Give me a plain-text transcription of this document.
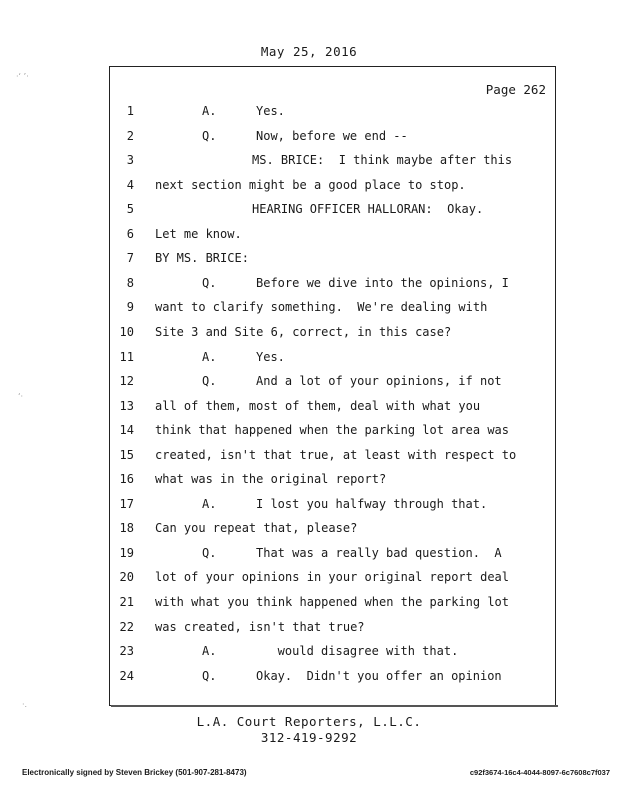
May 25, 2016
Page 262
1	A.	Yes.
2	Q.	Now, before we end --
3	MS. BRICE:  I think maybe after this
4 next section might be a good place to stop.
5	HEARING OFFICER HALLORAN:  Okay.
6 Let me know.
7 BY MS. BRICE:
8	Q.	Before we dive into the opinions, I
9 want to clarify something.  We're dealing with
10 Site 3 and Site 6, correct, in this case?
11	A.	Yes.
12	Q.	And a lot of your opinions, if not
13 all of them, most of them, deal with what you
14 think that happened when the parking lot area was
15 created, isn't that true, at least with respect to
16 what was in the original report?
17	A.	I lost you halfway through that.
18 Can you repeat that, please?
19	Q.	That was a really bad question.  A
20 lot of your opinions in your original report deal
21 with what you think happened when the parking lot
22 was created, isn't that true?
23	A.	would disagree with that.
24	Q.	Okay.  Didn't you offer an opinion
L.A. Court Reporters, L.L.C.
312-419-9292
Electronically signed by Steven Brickey (501-907-281-8473)	c92f3674-16c4-4044-8097-6c7608c7f037
·‘ ’·
‘·
·.
